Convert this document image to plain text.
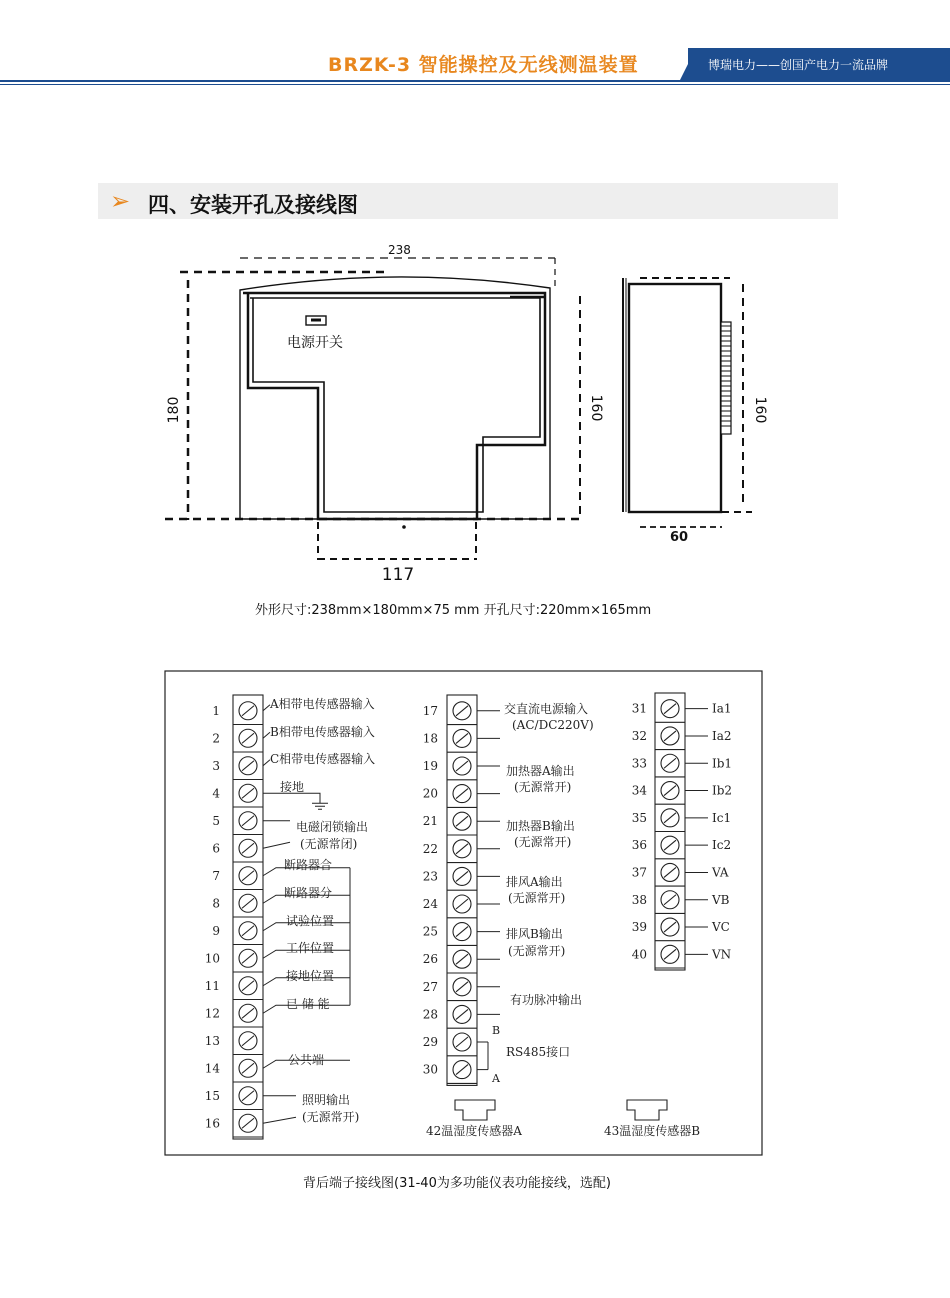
BRZK-3 智能操控及无线测温装置	博瑞电力——创国产电力一流品牌
➢ 四、安装开孔及接线图
238
180	160
117
电源开关
160
60
外形尺寸:238mm×180mm×75 mm 开孔尺寸:220mm×165mm
A相带电传感器输入
B相带电传感器输入
C相带电传感器输入
接地
电磁闭锁输出
(无源常闭)
断路器合
断路器分
试验位置
工作位置
接地位置
已 储 能
公共端
照明输出
(无源常开)
交直流电源输入
(AC/DC220V)
加热器A输出
(无源常开)
加热器B输出
(无源常开)
排风A输出
(无源常开)
排风B输出
(无源常开)
有功脉冲输出
B
RS485接口
A
42温湿度传感器A	43温湿度传感器B
1
2
3
4
5
6
7
8
9
10
11
12
13
14
15
16
17
18
19
20
21
22
23
24
25
26
27
28
29
30
31
32
33
34
35
36
37
38
39
40
Ia1
Ia2
Ib1
Ib2
Ic1
Ic2
VA
VB
VC
VN
背后端子接线图(31-40为多功能仪表功能接线，选配)
